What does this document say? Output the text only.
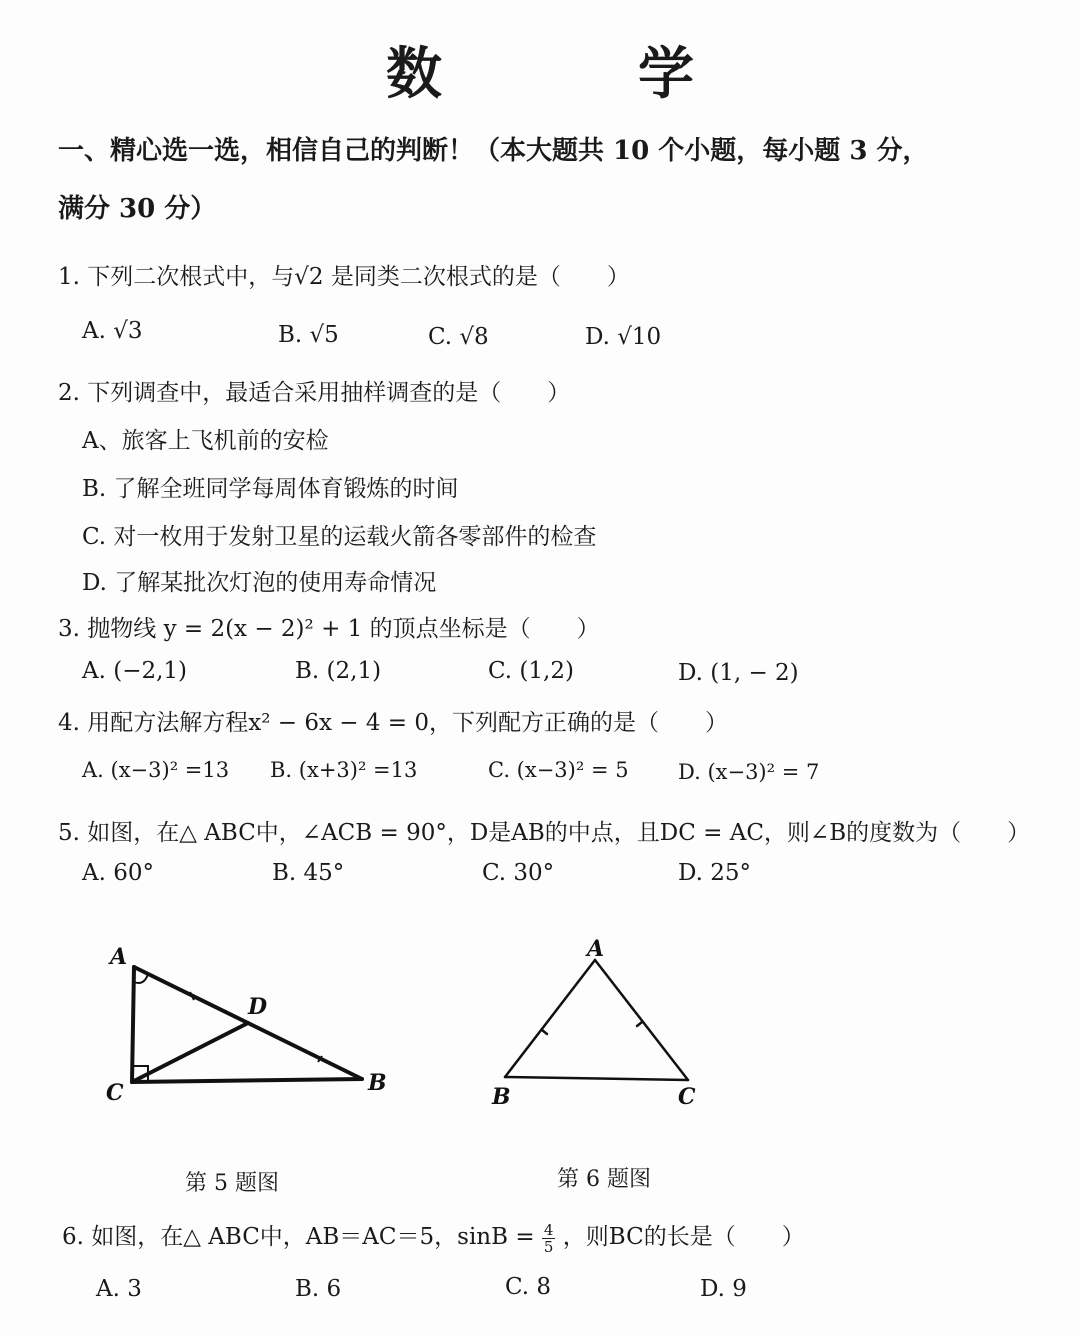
数　学
一、精心选一选，相信自己的判断！（本大题共 10 个小题，每小题 3 分，
满分 30 分）
1. 下列二次根式中，与√2 是同类二次根式的是（　　）
A. √3	B. √5	C. √8	D. √10
2. 下列调查中，最适合采用抽样调查的是（　　）
A、旅客上飞机前的安检
B. 了解全班同学每周体育锻炼的时间
C. 对一枚用于发射卫星的运载火箭各零部件的检查
D. 了解某批次灯泡的使用寿命情况
3. 抛物线 y = 2(x − 2)² + 1 的顶点坐标是（　　）
A. (−2,1)	B. (2,1)	C. (1,2)	D. (1, − 2)
4. 用配方法解方程x² − 6x − 4 = 0，下列配方正确的是（　　）
A. (x−3)² =13 B. (x+3)² =13	C. (x−3)² = 5 D. (x−3)² = 7
5. 如图，在△ ABC中，∠ACB = 90°，D是AB的中点，且DC = AC，则∠B的度数为（　　）
A. 60°	B. 45°	C. 30°	D. 25°
A
D
C	B
A
B	C
第 5 题图	第 6 题图
6. 如图，在△ ABC中，AB＝AC＝5，$\sin B = \frac{4}{5}$ ，则BC的长是（　　）
A. 3	B. 6	C. 8	D. 9
